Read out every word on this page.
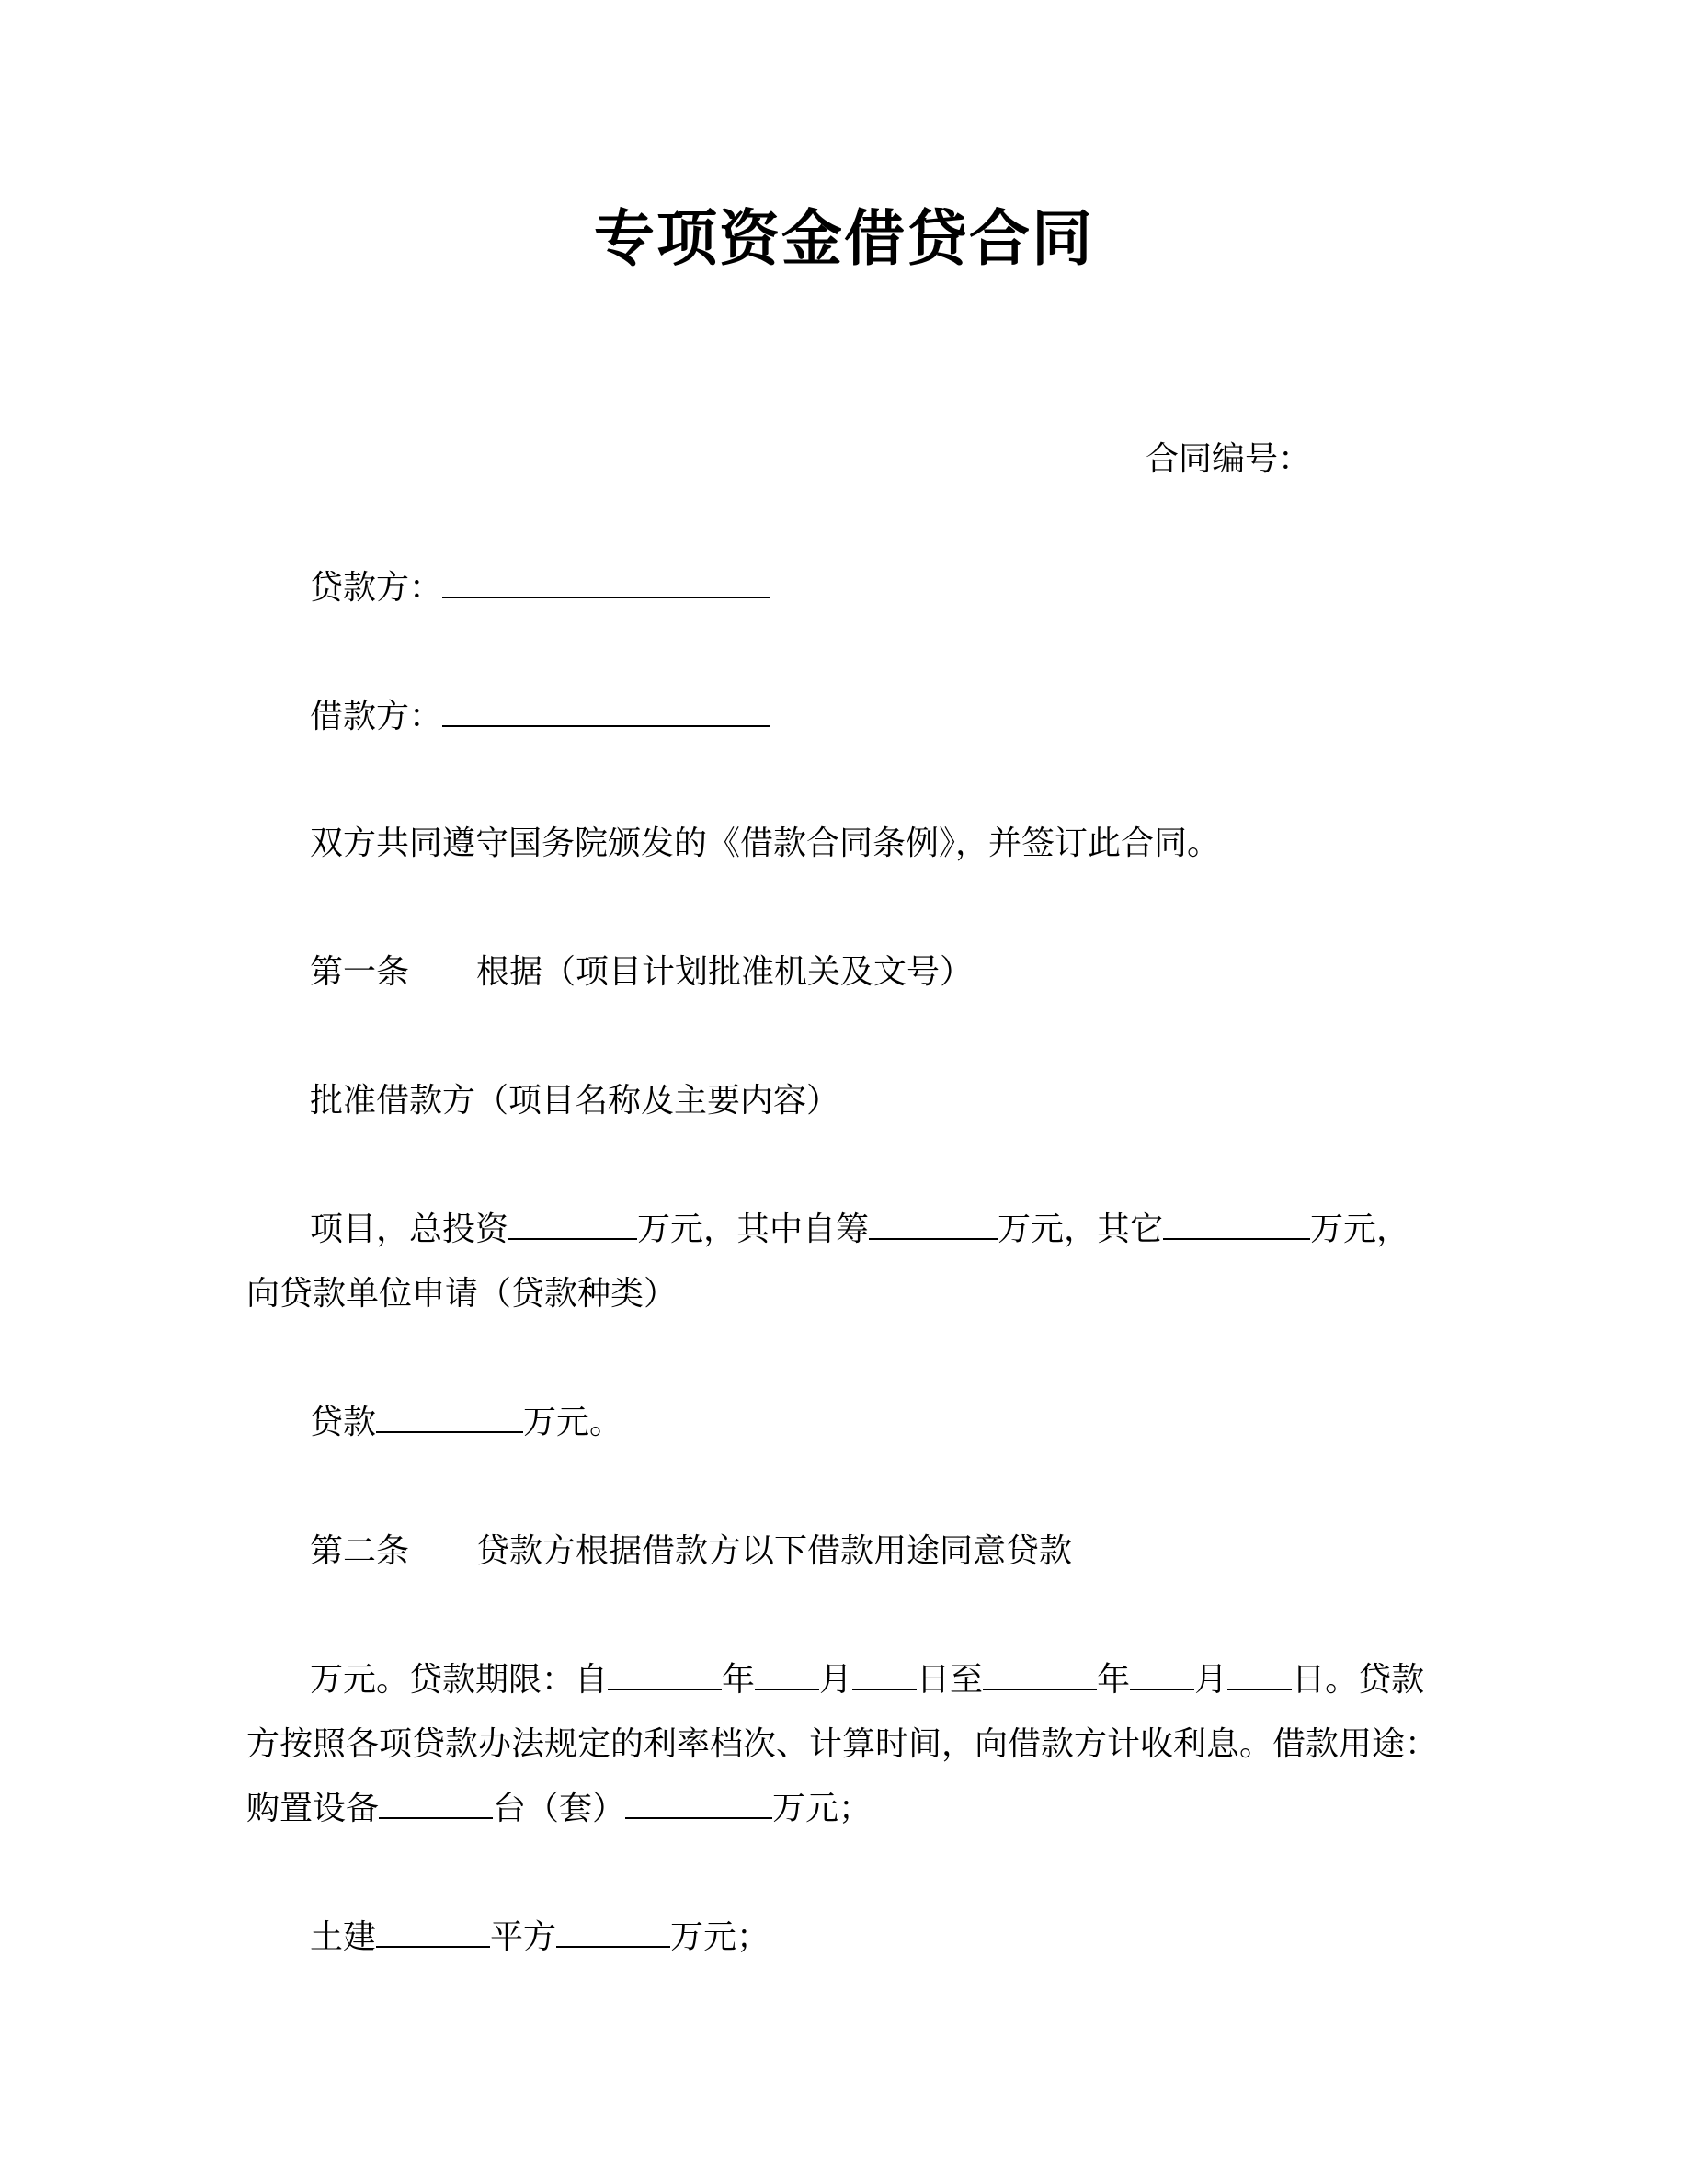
专项资金借贷合同
合同编号：
贷款方：
借款方：
双方共同遵守国务院颁发的《借款合同条例》，并签订此合同。
第一条 根据（项目计划批准机关及文号）
批准借款方（项目名称及主要内容）
项目，总投资	万元，其中自筹	万元，其它	万元，
向贷款单位申请（贷款种类）
贷款	万元。
第二条 贷款方根据借款方以下借款用途同意贷款
万元。贷款期限：自	年 月 日至	年 月 日。贷款
方按照各项贷款办法规定的利率档次、计算时间，向借款方计收利息。借款用途：
购置设备	台（套）	万元；
土建	平方	万元；
